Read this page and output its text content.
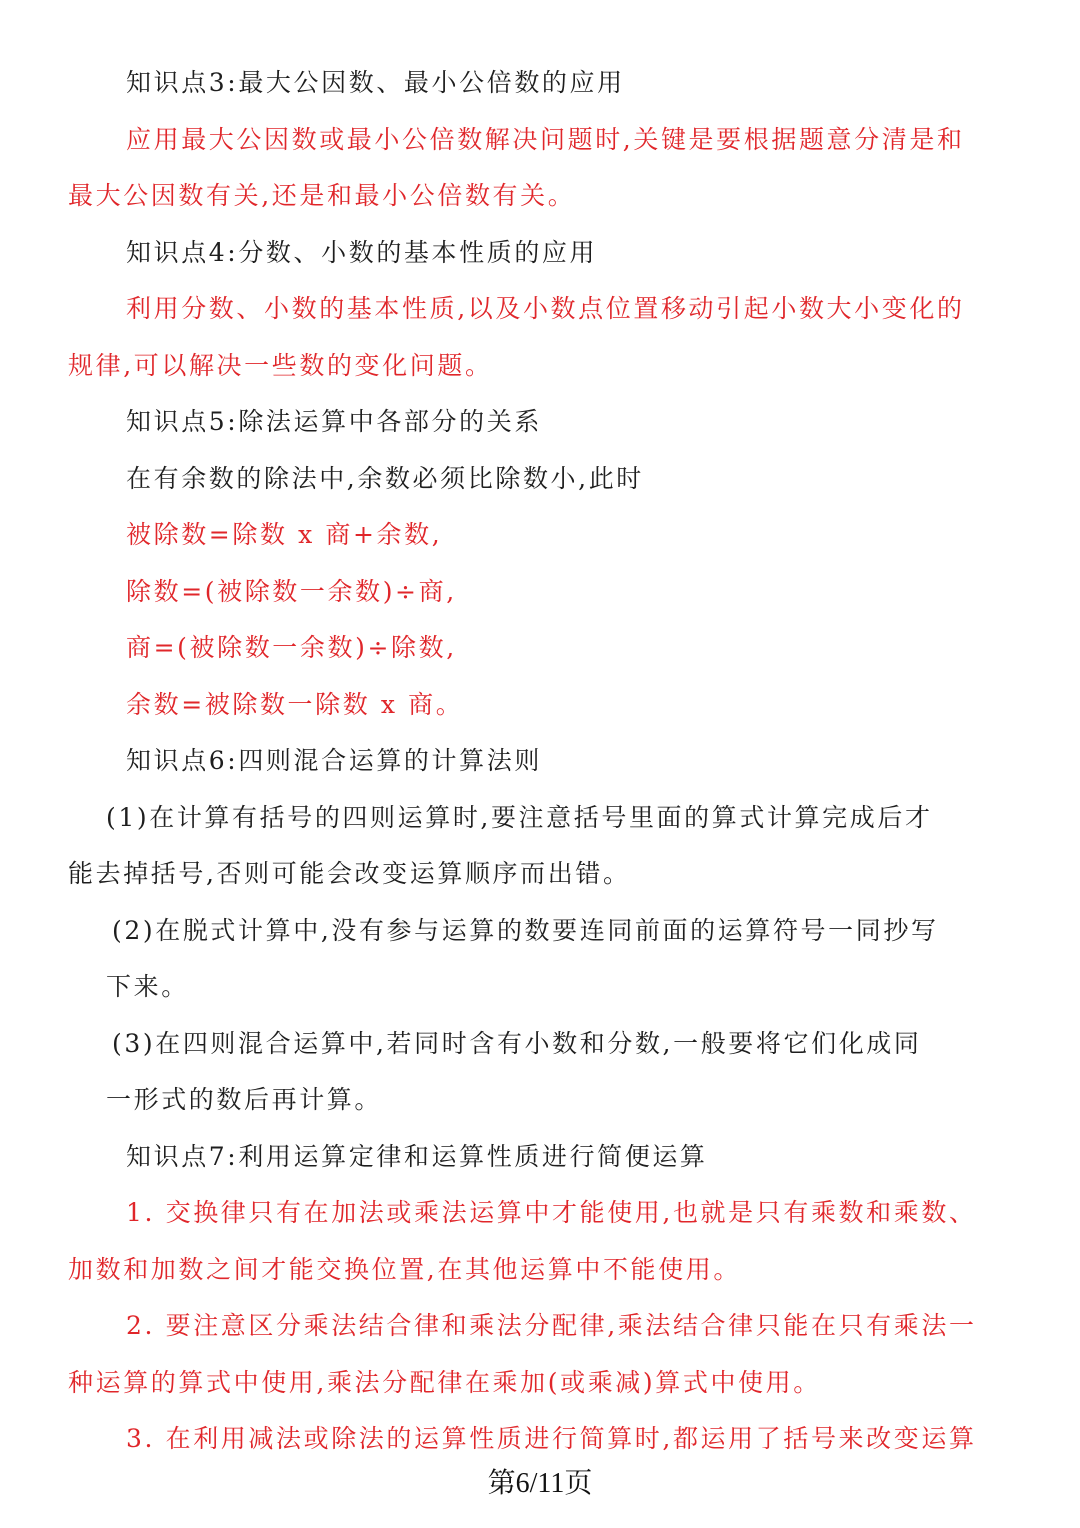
知识点3:最大公因数、最小公倍数的应用
应用最大公因数或最小公倍数解决问题时,关键是要根据题意分清是和
最大公因数有关,还是和最小公倍数有关。
知识点4:分数、小数的基本性质的应用
利用分数、小数的基本性质,以及小数点位置移动引起小数大小变化的
规律,可以解决一些数的变化问题。
知识点5:除法运算中各部分的关系
在有余数的除法中,余数必须比除数小,此时
被除数=除数 x 商+余数,
除数=(被除数一余数)÷商,
商=(被除数一余数)÷除数,
余数=被除数一除数 x 商。
知识点6:四则混合运算的计算法则
(1)在计算有括号的四则运算时,要注意括号里面的算式计算完成后才
能去掉括号,否则可能会改变运算顺序而出错。
(2)在脱式计算中,没有参与运算的数要连同前面的运算符号一同抄写
下来。
(3)在四则混合运算中,若同时含有小数和分数,一般要将它们化成同
一形式的数后再计算。
知识点7:利用运算定律和运算性质进行简便运算
1. 交换律只有在加法或乘法运算中才能使用,也就是只有乘数和乘数、
加数和加数之间才能交换位置,在其他运算中不能使用。
2. 要注意区分乘法结合律和乘法分配律,乘法结合律只能在只有乘法一
种运算的算式中使用,乘法分配律在乘加(或乘减)算式中使用。
3. 在利用减法或除法的运算性质进行简算时,都运用了括号来改变运算
第6/11页
